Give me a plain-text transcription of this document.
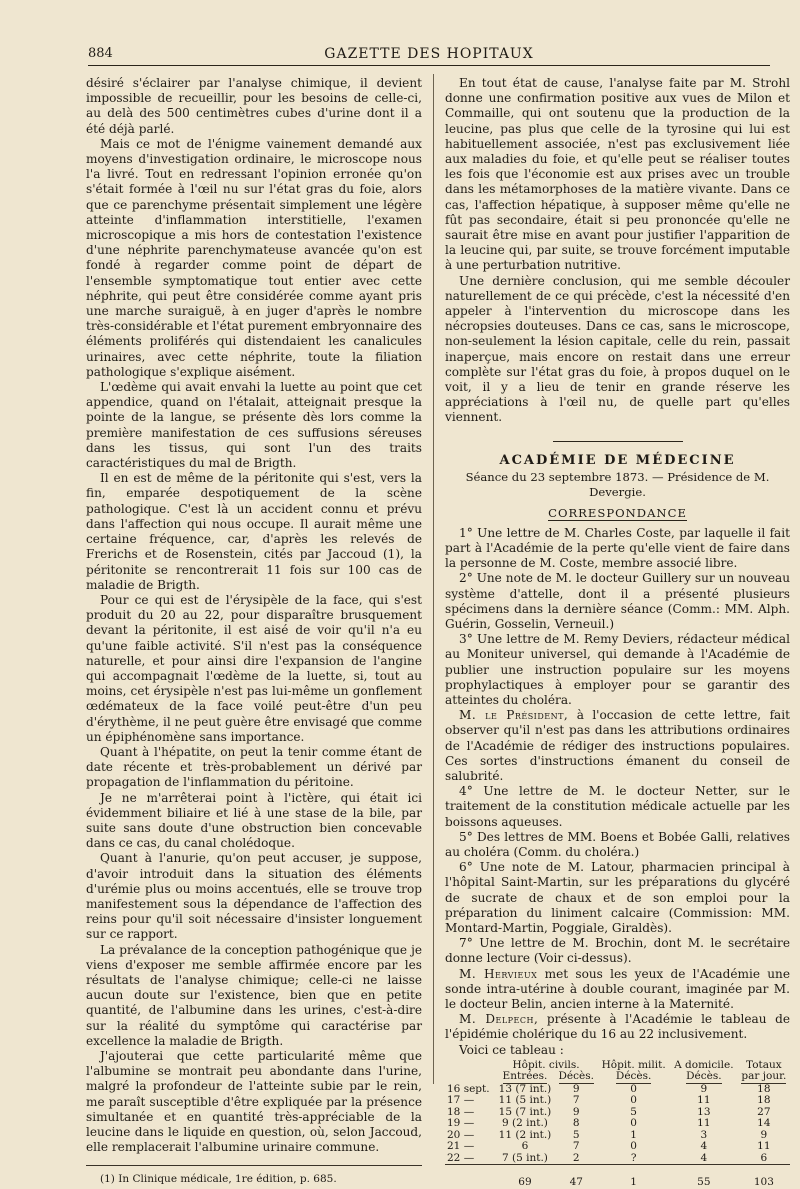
884	GAZETTE DES HOPITAUX

désiré s'éclairer par l'analyse chimique, il devient impossible de recueillir, pour les besoins de celle-ci, au delà des 500 centimètres cubes d'urine dont il a été déjà parlé.

Mais ce mot de l'énigme vainement demandé aux moyens d'investigation ordinaire, le microscope nous l'a livré. Tout en redressant l'opinion erronée qu'on s'était formée à l'œil nu sur l'état gras du foie, alors que ce parenchyme présentait simplement une légère atteinte d'inflammation interstitielle, l'examen microscopique a mis hors de contestation l'existence d'une néphrite parenchymateuse avancée qu'on est fondé à regarder comme point de départ de l'ensemble symptomatique tout entier avec cette néphrite, qui peut être considérée comme ayant pris une marche suraiguë, à en juger d'après le nombre très-considérable et l'état purement embryonnaire des éléments proliférés qui distendaient les canalicules urinaires, avec cette néphrite, toute la filiation pathologique s'explique aisément.

L'œdème qui avait envahi la luette au point que cet appendice, quand on l'étalait, atteignait presque la pointe de la langue, se présente dès lors comme la première manifestation de ces suffusions séreuses dans les tissus, qui sont l'un des traits caractéristiques du mal de Brigth.

Il en est de même de la péritonite qui s'est, vers la fin, emparée despotiquement de la scène pathologique. C'est là un accident connu et prévu dans l'affection qui nous occupe. Il aurait même une certaine fréquence, car, d'après les relevés de Frerichs et de Rosenstein, cités par Jaccoud (1), la péritonite se rencontrerait 11 fois sur 100 cas de maladie de Brigth.

Pour ce qui est de l'érysipèle de la face, qui s'est produit du 20 au 22, pour disparaître brusquement devant la péritonite, il est aisé de voir qu'il n'a eu qu'une faible activité. S'il n'est pas la conséquence naturelle, et pour ainsi dire l'expansion de l'angine qui accompagnait l'œdème de la luette, si, tout au moins, cet érysipèle n'est pas lui-même un gonflement œdémateux de la face voilé peut-être d'un peu d'érythème, il ne peut guère être envisagé que comme un épiphénomène sans importance.

Quant à l'hépatite, on peut la tenir comme étant de date récente et très-probablement un dérivé par propagation de l'inflammation du péritoine.

Je ne m'arrêterai point à l'ictère, qui était ici évidemment biliaire et lié à une stase de la bile, par suite sans doute d'une obstruction bien concevable dans ce cas, du canal cholédoque.

Quant à l'anurie, qu'on peut accuser, je suppose, d'avoir introduit dans la situation des éléments d'urémie plus ou moins accentués, elle se trouve trop manifestement sous la dépendance de l'affection des reins pour qu'il soit nécessaire d'insister longuement sur ce rapport.

La prévalance de la conception pathogénique que je viens d'exposer me semble affirmée encore par les résultats de l'analyse chimique; celle-ci ne laisse aucun doute sur l'existence, bien que en petite quantité, de l'albumine dans les urines, c'est-à-dire sur la réalité du symptôme qui caractérise par excellence la maladie de Brigth.

J'ajouterai que cette particularité même que l'albumine se montrait peu abondante dans l'urine, malgré la profondeur de l'atteinte subie par le rein, me paraît susceptible d'être expliquée par la présence simultanée et en quantité très-appréciable de la leucine dans le liquide en question, où, selon Jaccoud, elle remplacerait l'albumine urinaire commune.

(1) In Clinique médicale, 1re édition, p. 685.

En tout état de cause, l'analyse faite par M. Strohl donne une confirmation positive aux vues de Milon et Commaille, qui ont soutenu que la production de la leucine, pas plus que celle de la tyrosine qui lui est habituellement associée, n'est pas exclusivement liée aux maladies du foie, et qu'elle peut se réaliser toutes les fois que l'économie est aux prises avec un trouble dans les métamorphoses de la matière vivante. Dans ce cas, l'affection hépatique, à supposer même qu'elle ne fût pas secondaire, était si peu prononcée qu'elle ne saurait être mise en avant pour justifier l'apparition de la leucine qui, par suite, se trouve forcément imputable à une perturbation nutritive.

Une dernière conclusion, qui me semble découler naturellement de ce qui précède, c'est la nécessité d'en appeler à l'intervention du microscope dans les nécropsies douteuses. Dans ce cas, sans le microscope, non-seulement la lésion capitale, celle du rein, passait inaperçue, mais encore on restait dans une erreur complète sur l'état gras du foie, à propos duquel on le voit, il y a lieu de tenir en grande réserve les appréciations à l'œil nu, de quelle part qu'elles viennent.

ACADÉMIE DE MÉDECINE
Séance du 23 septembre 1873. — Présidence de M. Devergie.
CORRESPONDANCE

1° Une lettre de M. Charles Coste, par laquelle il fait part à l'Académie de la perte qu'elle vient de faire dans la personne de M. Coste, membre associé libre.

2° Une note de M. le docteur Guillery sur un nouveau système d'attelle, dont il a présenté plusieurs spécimens dans la dernière séance (Comm.: MM. Alph. Guérin, Gosselin, Verneuil.)

3° Une lettre de M. Remy Deviers, rédacteur médical au Moniteur universel, qui demande à l'Académie de publier une instruction populaire sur les moyens prophylactiques à employer pour se garantir des atteintes du choléra.

M. le Président, à l'occasion de cette lettre, fait observer qu'il n'est pas dans les attributions ordinaires de l'Académie de rédiger des instructions populaires. Ces sortes d'instructions émanent du conseil de salubrité.

4° Une lettre de M. le docteur Netter, sur le traitement de la constitution médicale actuelle par les boissons aqueuses.

5° Des lettres de MM. Boens et Bobée Galli, relatives au choléra (Comm. du choléra.)

6° Une note de M. Latour, pharmacien principal à l'hôpital Saint-Martin, sur les préparations du glycéré de sucrate de chaux et de son emploi pour la préparation du liniment calcaire (Commission: MM. Montard-Martin, Poggiale, Giraldès).

7° Une lettre de M. Brochin, dont M. le secrétaire donne lecture (Voir ci-dessus).

M. Hervieux met sous les yeux de l'Académie une sonde intra-utérine à double courant, imaginée par M. le docteur Belin, ancien interne à la Maternité.

M. Delpech, présente à l'Académie le tableau de l'épidémie cholérique du 16 au 22 inclusivement.

Voici ce tableau :

	Hôpit. civils.		Hôpit. milit.	A domicile.	Totaux
	Entrées.	Décès.	Décès.	Décès.	par jour.
16 sept.	13 (7 int.)	9	0	9	18
17 —	11 (5 int.)	7	0	11	18
18 —	15 (7 int.)	9	5	13	27
19 —	9 (2 int.)	8	0	11	14
20 —	11 (2 int.)	5	1	3	9
21 —	6	7	0	4	11
22 —	7 (5 int.)	2	?	4	6
	69	47	1	55	103
